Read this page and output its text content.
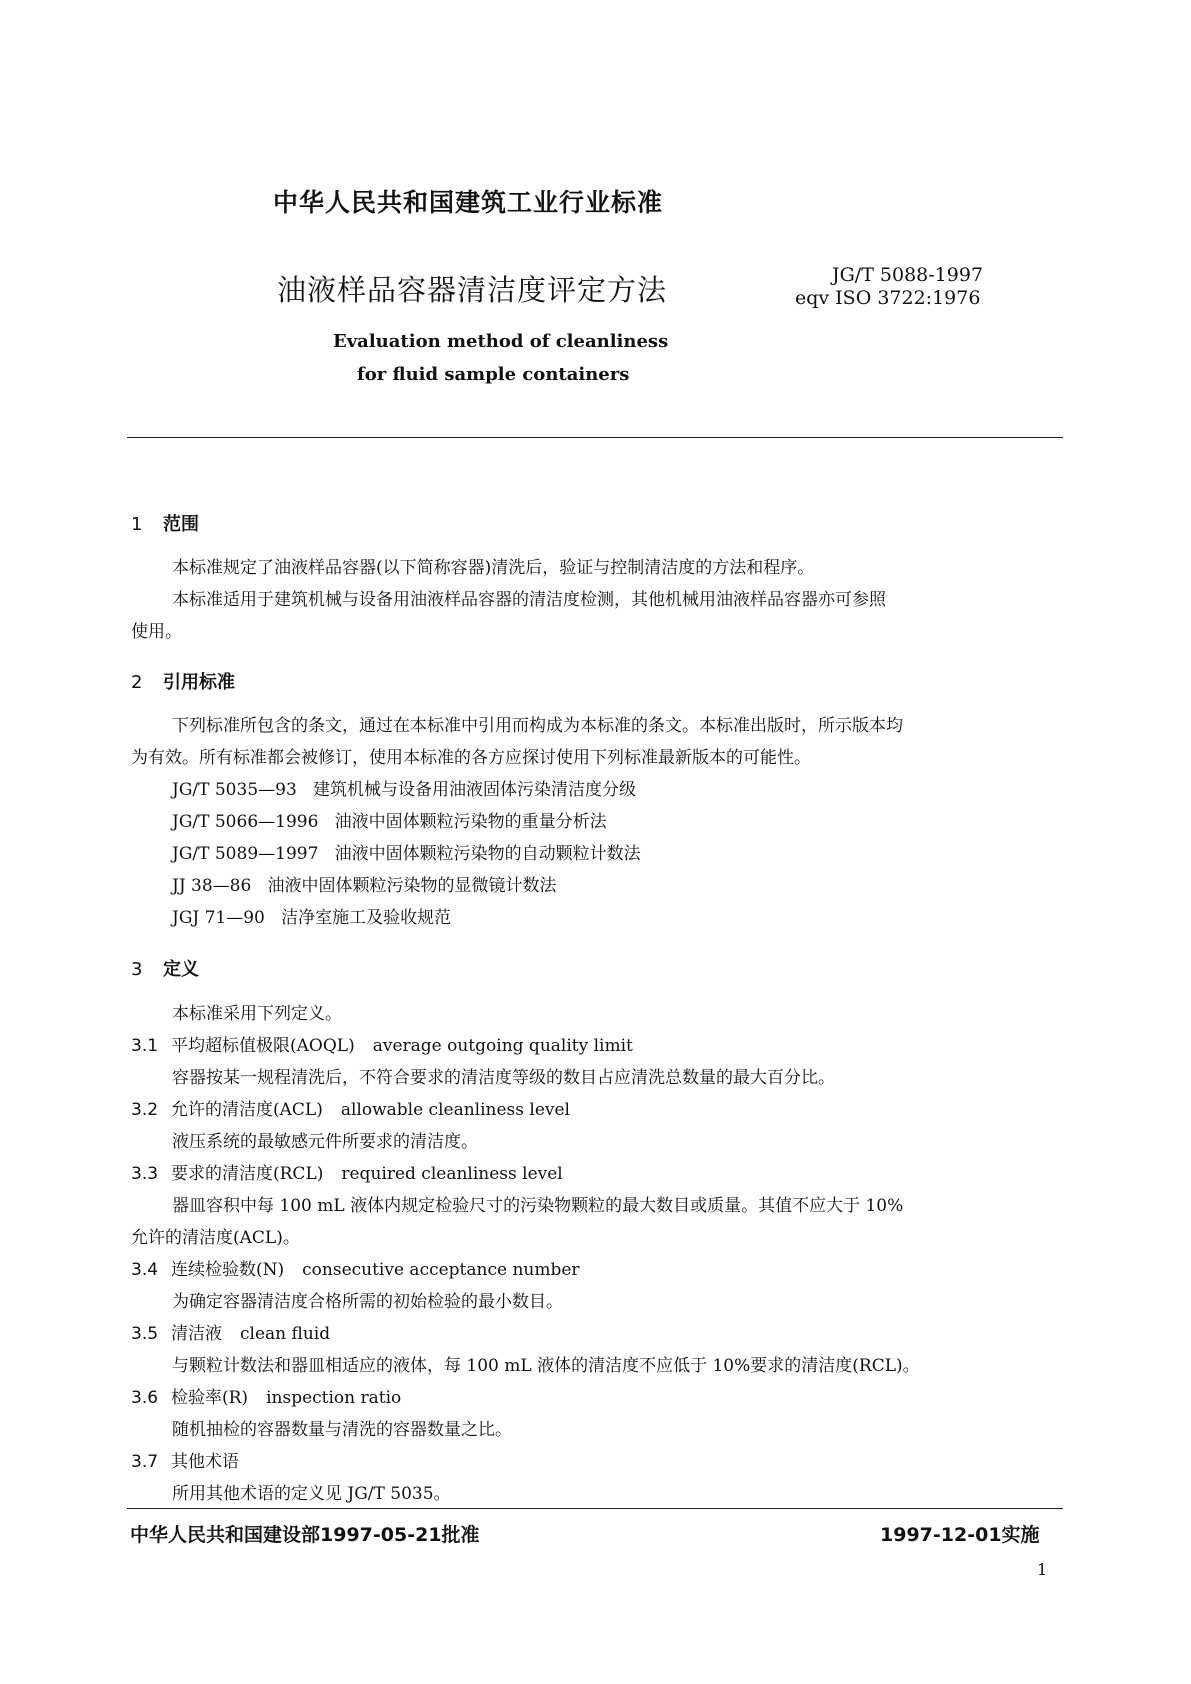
中华人民共和国建筑工业行业标准
油液样品容器清洁度评定方法	JG/T 5088-1997
eqv ISO 3722:1976
Evaluation method of cleanliness
for fluid sample containers
1 范围
本标准规定了油液样品容器(以下简称容器)清洗后，验证与控制清洁度的方法和程序。
本标准适用于建筑机械与设备用油液样品容器的清洁度检测，其他机械用油液样品容器亦可参照
使用。
2 引用标准
下列标准所包含的条文，通过在本标准中引用而构成为本标准的条文。本标准出版时，所示版本均
为有效。所有标准都会被修订，使用本标准的各方应探讨使用下列标准最新版本的可能性。
JG/T 5035—93 建筑机械与设备用油液固体污染清洁度分级
JG/T 5066—1996 油液中固体颗粒污染物的重量分析法
JG/T 5089—1997 油液中固体颗粒污染物的自动颗粒计数法
JJ 38—86 油液中固体颗粒污染物的显微镜计数法
JGJ 71—90 洁净室施工及验收规范
3 定义
本标准采用下列定义。
3.1 平均超标值极限(AOQL) average outgoing quality limit
容器按某一规程清洗后，不符合要求的清洁度等级的数目占应清洗总数量的最大百分比。
3.2 允许的清洁度(ACL) allowable cleanliness level
液压系统的最敏感元件所要求的清洁度。
3.3 要求的清洁度(RCL) required cleanliness level
器皿容积中每 100 mL 液体内规定检验尺寸的污染物颗粒的最大数目或质量。其值不应大于 10%
允许的清洁度(ACL)。
3.4 连续检验数(N) consecutive acceptance number
为确定容器清洁度合格所需的初始检验的最小数目。
3.5 清洁液 clean fluid
与颗粒计数法和器皿相适应的液体，每 100 mL 液体的清洁度不应低于 10%要求的清洁度(RCL)。
3.6 检验率(R) inspection ratio
随机抽检的容器数量与清洗的容器数量之比。
3.7 其他术语
所用其他术语的定义见 JG/T 5035。
中华人民共和国建设部1997-05-21批准	1997-12-01实施
1
